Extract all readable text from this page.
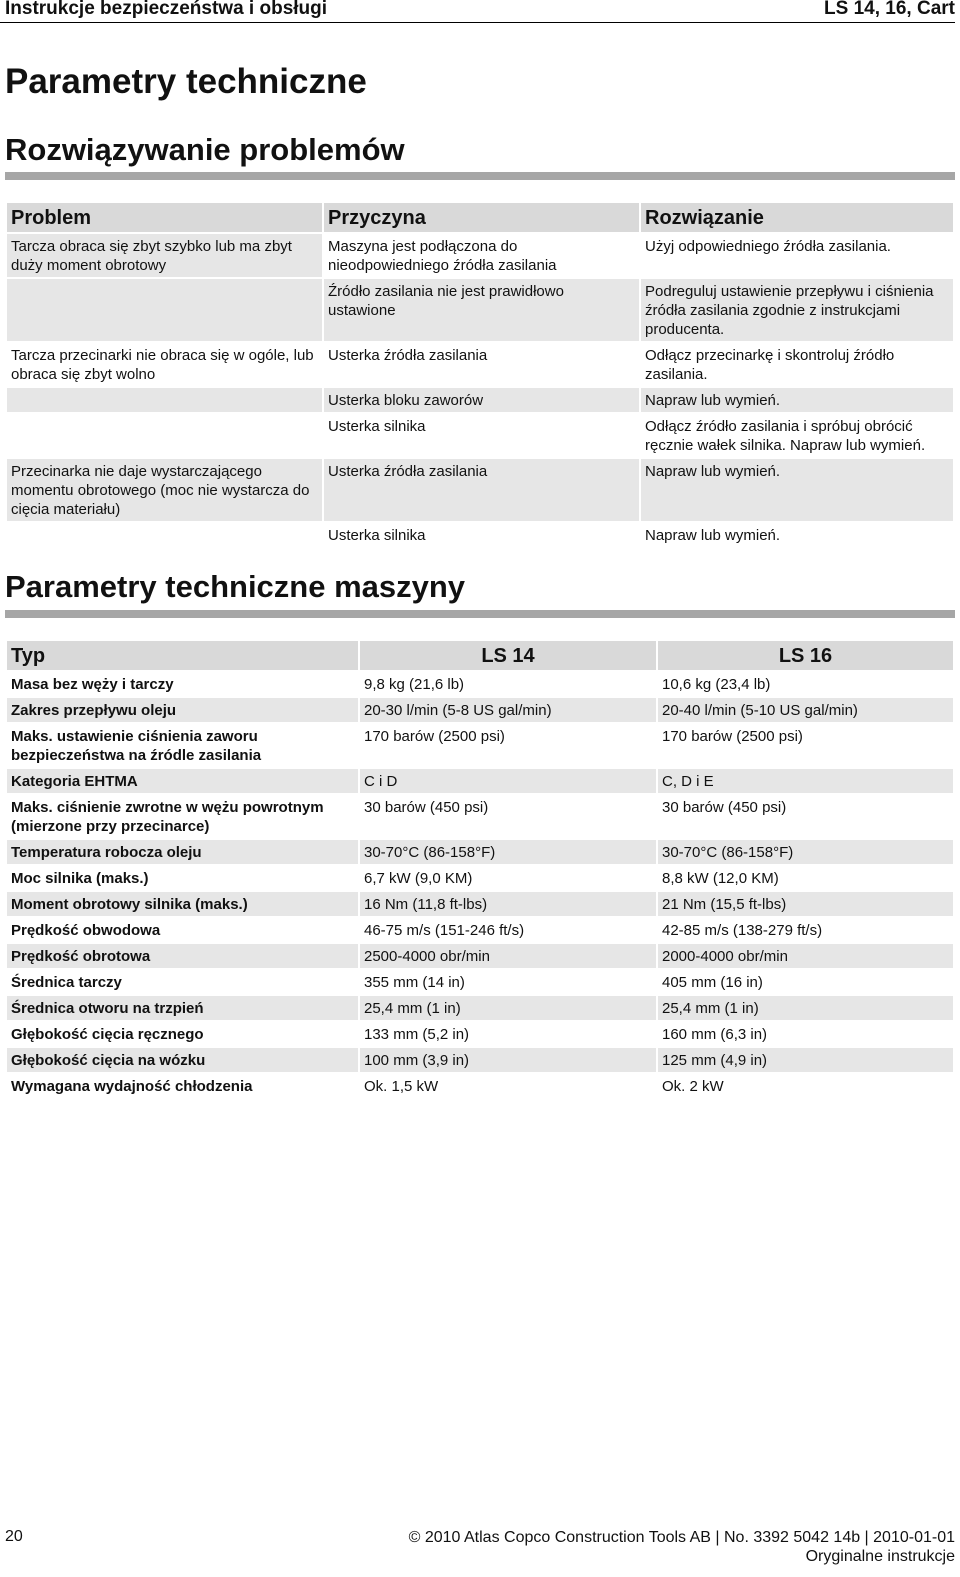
Instrukcje bezpieczeństwa i obsługi	LS 14, 16, Cart
Parametry techniczne
Rozwiązywanie problemów
Problem	Przyczyna	Rozwiązanie
Tarcza obraca się zbyt szybko lub ma zbyt duży moment obrotowy	Maszyna jest podłączona do nieodpowiedniego źródła zasilania	Użyj odpowiedniego źródła zasilania.
	Źródło zasilania nie jest prawidłowo ustawione	Podreguluj ustawienie przepływu i ciśnienia źródła zasilania zgodnie z instrukcjami producenta.
Tarcza przecinarki nie obraca się w ogóle, lub obraca się zbyt wolno	Usterka źródła zasilania	Odłącz przecinarkę i skontroluj źródło zasilania.
	Usterka bloku zaworów	Napraw lub wymień.
	Usterka silnika	Odłącz źródło zasilania i spróbuj obrócić ręcznie wałek silnika. Napraw lub wymień.
Przecinarka nie daje wystarczającego momentu obrotowego (moc nie wystarcza do cięcia materiału)	Usterka źródła zasilania	Napraw lub wymień.
	Usterka silnika	Napraw lub wymień.
Parametry techniczne maszyny
Typ	LS 14	LS 16
Masa bez węży i tarczy	9,8 kg (21,6 lb)	10,6 kg (23,4 lb)
Zakres przepływu oleju	20-30 l/min (5-8 US gal/min)	20-40 l/min (5-10 US gal/min)
Maks. ustawienie ciśnienia zaworu bezpieczeństwa na źródle zasilania	170 barów (2500 psi)	170 barów (2500 psi)
Kategoria EHTMA	C i D	C, D i E
Maks. ciśnienie zwrotne w wężu powrotnym (mierzone przy przecinarce)	30 barów (450 psi)	30 barów (450 psi)
Temperatura robocza oleju	30-70°C (86-158°F)	30-70°C (86-158°F)
Moc silnika (maks.)	6,7 kW (9,0 KM)	8,8 kW (12,0 KM)
Moment obrotowy silnika (maks.)	16 Nm (11,8 ft-lbs)	21 Nm (15,5 ft-lbs)
Prędkość obwodowa	46-75 m/s (151-246 ft/s)	42-85 m/s (138-279 ft/s)
Prędkość obrotowa	2500-4000 obr/min	2000-4000 obr/min
Średnica tarczy	355 mm (14 in)	405 mm (16 in)
Średnica otworu na trzpień	25,4 mm (1 in)	25,4 mm (1 in)
Głębokość cięcia ręcznego	133 mm (5,2 in)	160 mm (6,3 in)
Głębokość cięcia na wózku	100 mm (3,9 in)	125 mm (4,9 in)
Wymagana wydajność chłodzenia	Ok. 1,5 kW	Ok. 2 kW
20	© 2010 Atlas Copco Construction Tools AB | No. 3392 5042 14b | 2010-01-01
Oryginalne instrukcje
